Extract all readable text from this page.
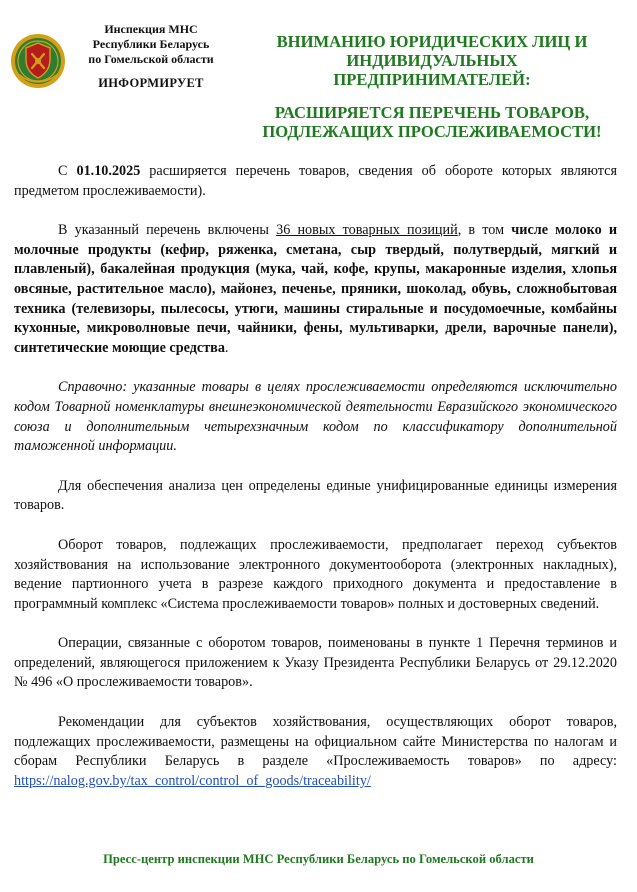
Инспекция МНС
Республики Беларусь
по Гомельской области
ИНФОРМИРУЕТ
ВНИМАНИЮ ЮРИДИЧЕСКИХ ЛИЦ И
ИНДИВИДУАЛЬНЫХ
ПРЕДПРИНИМАТЕЛЕЙ:
РАСШИРЯЕТСЯ ПЕРЕЧЕНЬ ТОВАРОВ,
ПОДЛЕЖАЩИХ ПРОСЛЕЖИВАЕМОСТИ!

С 01.10.2025 расширяется перечень товаров, сведения об обороте которых являются предметом прослеживаемости).

В указанный перечень включены 36 новых товарных позиций, в том числе молоко и молочные продукты (кефир, ряженка, сметана, сыр твердый, полутвердый, мягкий и плавленый), бакалейная продукция (мука, чай, кофе, крупы, макаронные изделия, хлопья овсяные, растительное масло), майонез, печенье, пряники, шоколад, обувь, сложнобытовая техника (телевизоры, пылесосы, утюги, машины стиральные и посудомоечные, комбайны кухонные, микроволновые печи, чайники, фены, мультиварки, дрели, варочные панели), синтетические моющие средства.

Справочно: указанные товары в целях прослеживаемости определяются исключительно кодом Товарной номенклатуры внешнеэкономической деятельности Евразийского экономического союза и дополнительным четырехзначным кодом по классификатору дополнительной таможенной информации.

Для обеспечения анализа цен определены единые унифицированные единицы измерения товаров.

Оборот товаров, подлежащих прослеживаемости, предполагает переход субъектов хозяйствования на использование электронного документооборота (электронных накладных), ведение партионного учета в разрезе каждого приходного документа и предоставление в программный комплекс «Система прослеживаемости товаров» полных и достоверных сведений.

Операции, связанные с оборотом товаров, поименованы в пункте 1 Перечня терминов и определений, являющегося приложением к Указу Президента Республики Беларусь от 29.12.2020 № 496 «О прослеживаемости товаров».

Рекомендации для субъектов хозяйствования, осуществляющих оборот товаров, подлежащих прослеживаемости, размещены на официальном сайте Министерства по налогам и сборам Республики Беларусь в разделе «Прослеживаемость товаров» по адресу: https://nalog.gov.by/tax_control/control_of_goods/traceability/

Пресс-центр инспекции МНС Республики Беларусь по Гомельской области
